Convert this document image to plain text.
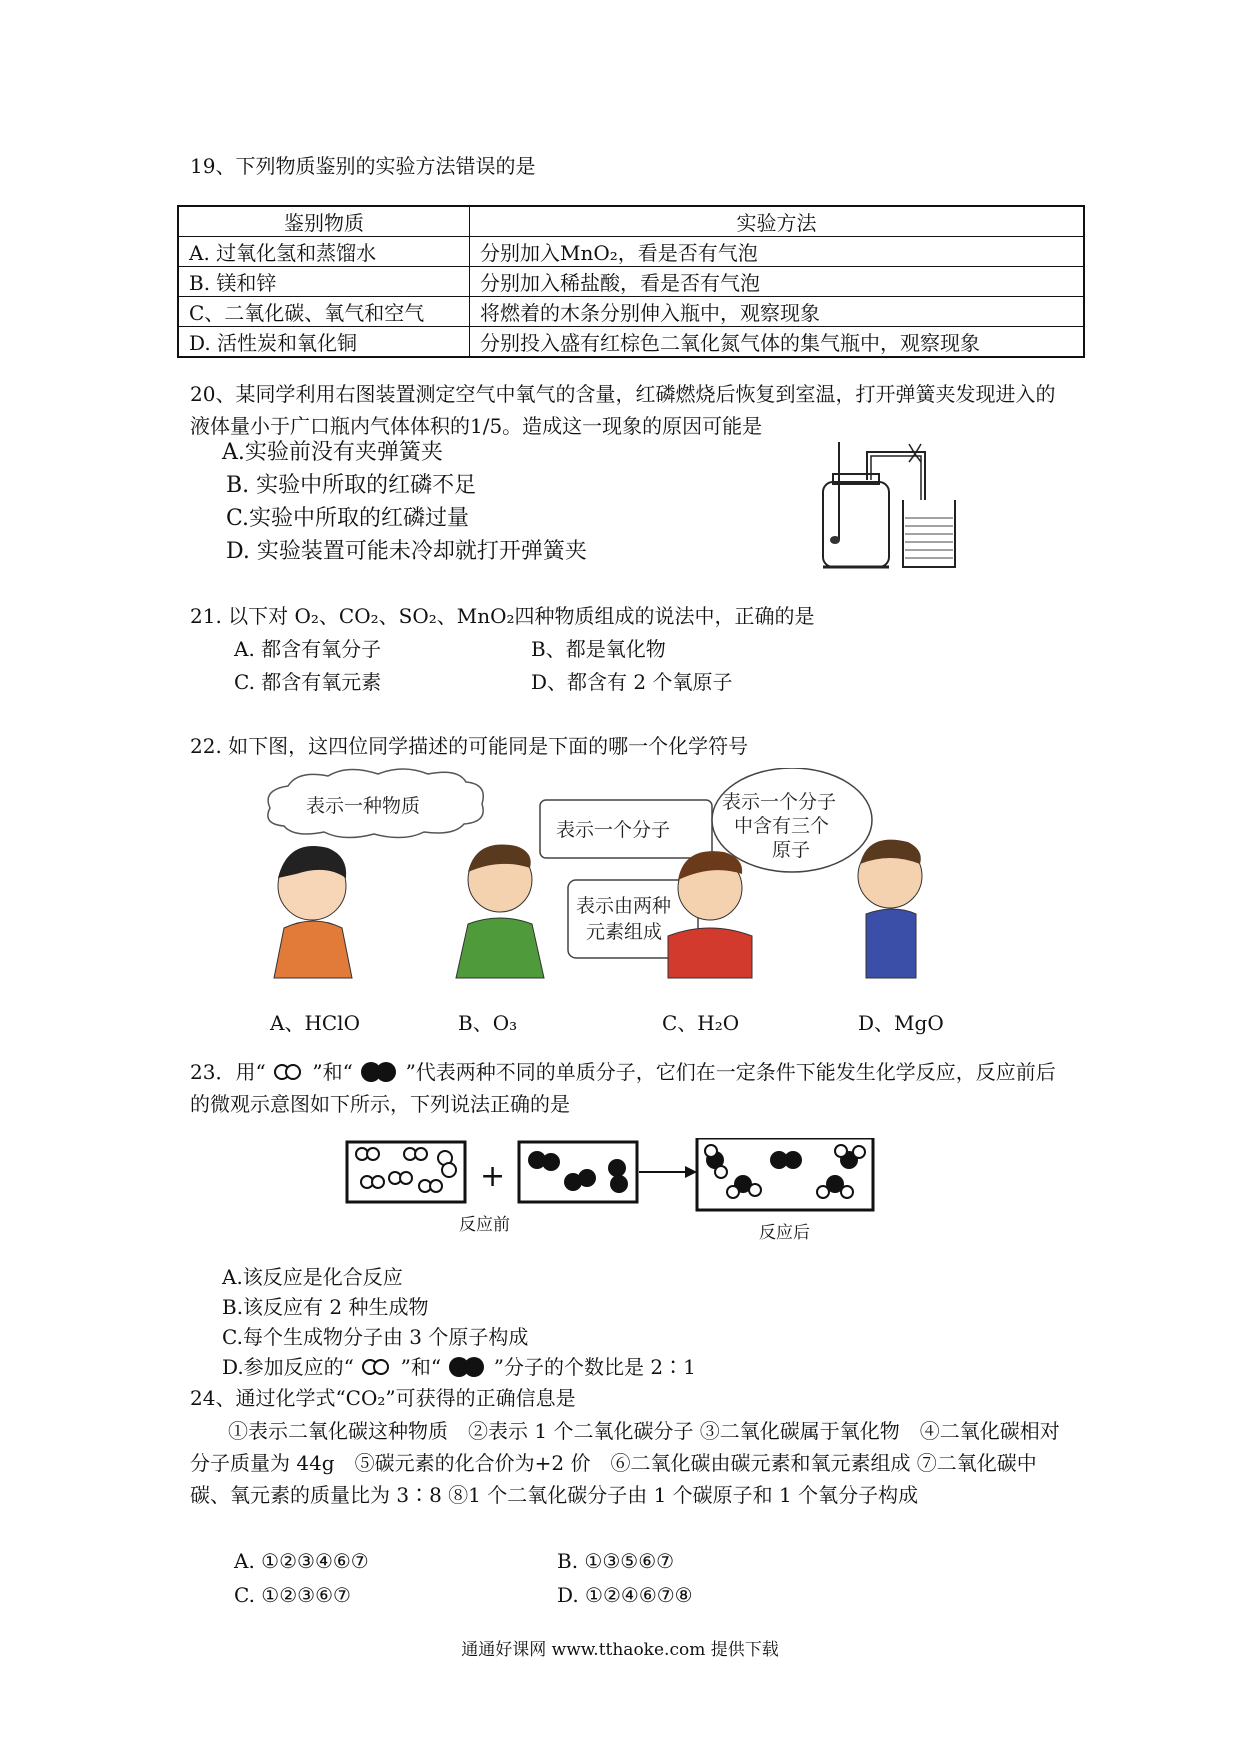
19、下列物质鉴别的实验方法错误的是
鉴别物质	实验方法
A. 过氧化氢和蒸馏水	分别加入MnO₂，看是否有气泡
B. 镁和锌	分别加入稀盐酸，看是否有气泡
C、二氧化碳、氧气和空气	将燃着的木条分别伸入瓶中，观察现象
D. 活性炭和氧化铜	分别投入盛有红棕色二氧化氮气体的集气瓶中，观察现象
20、某同学利用右图装置测定空气中氧气的含量，红磷燃烧后恢复到室温，打开弹簧夹发现进入的液体量小于广口瓶内气体体积的1/5。造成这一现象的原因可能是
A.实验前没有夹弹簧夹
B. 实验中所取的红磷不足
C.实验中所取的红磷过量
D. 实验装置可能未冷却就打开弹簧夹
21. 以下对 O₂、CO₂、SO₂、MnO₂四种物质组成的说法中，正确的是
A. 都含有氧分子	B、都是氧化物
C. 都含有氧元素	D、都含有 2 个氧原子
22. 如下图，这四位同学描述的可能同是下面的哪一个化学符号
表示一种物质
表示一个分子
表示由两种
元素组成
表示一个分子
中含有三个
原子
A、HClO	B、O₃	C、H₂O	D、MgO
23．用“ ”和“	”代表两种不同的单质分子，它们在一定条件下能发生化学反应，反应前后的微观示意图如下所示，下列说法正确的是
+
反应前	反应后
A.该反应是化合反应
B.该反应有 2 种生成物
C.每个生成物分子由 3 个原子构成
D.参加反应的“ ”和“	”分子的个数比是 2∶1
24、通过化学式“CO₂”可获得的正确信息是
①表示二氧化碳这种物质　②表示 1 个二氧化碳分子 ③二氧化碳属于氧化物　④二氧化碳相对分子质量为 44g　⑤碳元素的化合价为+2 价　⑥二氧化碳由碳元素和氧元素组成 ⑦二氧化碳中碳、氧元素的质量比为 3∶8 ⑧1 个二氧化碳分子由 1 个碳原子和 1 个氧分子构成
A. ①②③④⑥⑦	B. ①③⑤⑥⑦
C. ①②③⑥⑦	D. ①②④⑥⑦⑧
通通好课网 www.tthaoke.com 提供下载
